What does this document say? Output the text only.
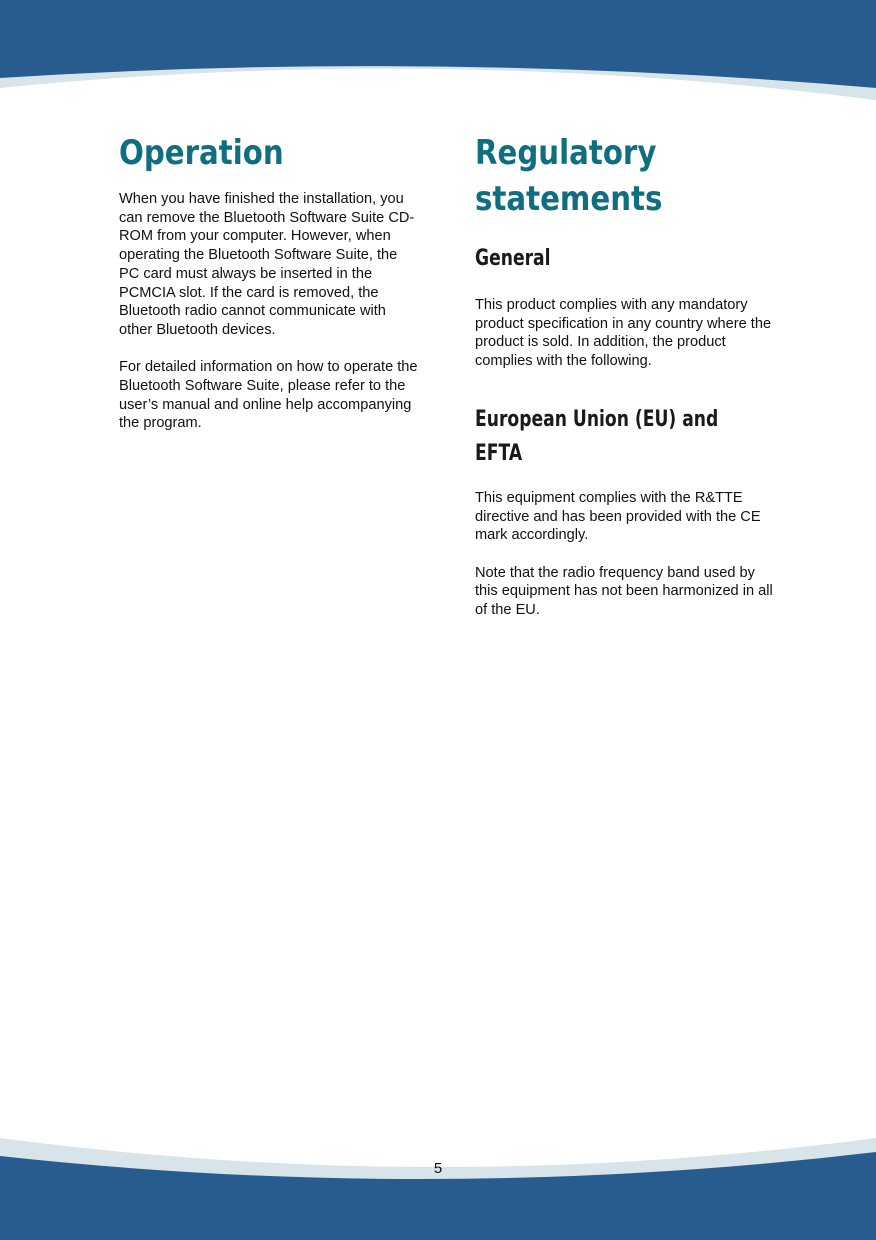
Operation

When you have finished the installation, you can remove the Bluetooth Software Suite CD-ROM from your computer. However, when operating the Bluetooth Software Suite, the PC card must always be inserted in the PCMCIA slot. If the card is removed, the Bluetooth radio cannot communicate with other Bluetooth devices.

For detailed information on how to operate the Bluetooth Software Suite, please refer to the user’s manual and online help accompanying the program.

Regulatory
statements
General

This product complies with any mandatory product specification in any country where the product is sold. In addition, the product complies with the following.

European Union (EU) and
EFTA

This equipment complies with the R&TTE directive and has been provided with the CE mark accordingly.

Note that the radio frequency band used by this equipment has not been harmonized in all of the EU.

5
